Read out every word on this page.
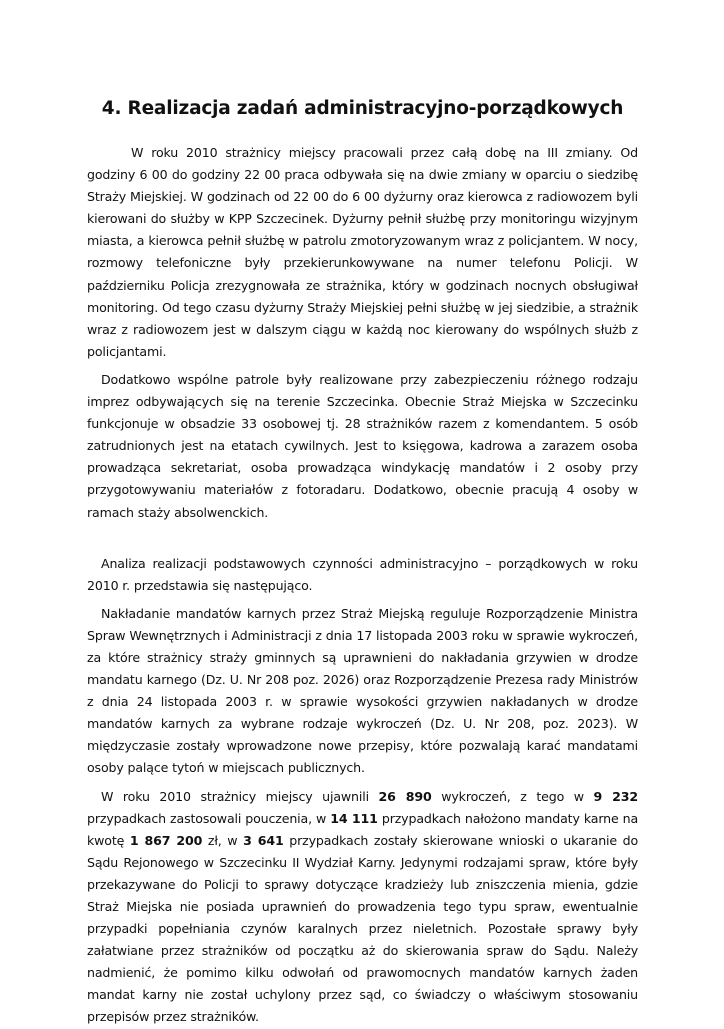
4. Realizacja zadań administracyjno-porządkowych

W roku 2010 strażnicy miejscy pracowali przez całą dobę na III zmiany. Od godziny 6 00 do godziny 22 00 praca odbywała się na dwie zmiany w oparciu o siedzibę Straży Miejskiej. W godzinach od 22 00 do 6 00 dyżurny oraz kierowca z radiowozem byli kierowani do służby w KPP Szczecinek. Dyżurny pełnił służbę przy monitoringu wizyjnym miasta, a kierowca pełnił służbę w patrolu zmotoryzowanym wraz z policjantem. W nocy, rozmowy telefoniczne były przekierunkowywane na numer telefonu Policji. W październiku Policja zrezygnowała ze strażnika, który w godzinach nocnych obsługiwał monitoring. Od tego czasu dyżurny Straży Miejskiej pełni służbę w jej siedzibie, a strażnik wraz z radiowozem jest w dalszym ciągu w każdą noc kierowany do wspólnych służb z policjantami.

Dodatkowo wspólne patrole były realizowane przy zabezpieczeniu różnego rodzaju imprez odbywających się na terenie Szczecinka. Obecnie Straż Miejska w Szczecinku funkcjonuje w obsadzie 33 osobowej tj. 28 strażników razem z komendantem. 5 osób zatrudnionych jest na etatach cywilnych. Jest to księgowa, kadrowa a zarazem osoba prowadząca sekretariat, osoba prowadząca windykację mandatów i 2 osoby przy przygotowywaniu materiałów z fotoradaru. Dodatkowo, obecnie pracują 4 osoby w ramach staży absolwenckich.

Analiza realizacji podstawowych czynności administracyjno – porządkowych w roku 2010 r. przedstawia się następująco.

Nakładanie mandatów karnych przez Straż Miejską reguluje Rozporządzenie Ministra Spraw Wewnętrznych i Administracji z dnia 17 listopada 2003 roku w sprawie wykroczeń, za które strażnicy straży gminnych są uprawnieni do nakładania grzywien w drodze mandatu karnego (Dz. U. Nr 208 poz. 2026) oraz Rozporządzenie Prezesa rady Ministrów z dnia 24 listopada 2003 r. w sprawie wysokości grzywien nakładanych w drodze mandatów karnych za wybrane rodzaje wykroczeń (Dz. U. Nr 208, poz. 2023). W międzyczasie zostały wprowadzone nowe przepisy, które pozwalają karać mandatami osoby palące tytoń w miejscach publicznych.

W roku 2010 strażnicy miejscy ujawnili 26 890 wykroczeń, z tego w 9 232 przypadkach zastosowali pouczenia, w 14 111 przypadkach nałożono mandaty karne na kwotę 1 867 200 zł, w 3 641 przypadkach zostały skierowane wnioski o ukaranie do Sądu Rejonowego w Szczecinku II Wydział Karny. Jedynymi rodzajami spraw, które były przekazywane do Policji to sprawy dotyczące kradzieży lub zniszczenia mienia, gdzie Straż Miejska nie posiada uprawnień do prowadzenia tego typu spraw, ewentualnie przypadki popełniania czynów karalnych przez nieletnich. Pozostałe sprawy były załatwiane przez strażników od początku aż do skierowania spraw do Sądu. Należy nadmienić, że pomimo kilku odwołań od prawomocnych mandatów karnych żaden mandat karny nie został uchylony przez sąd, co świadczy o właściwym stosowaniu przepisów przez strażników.
